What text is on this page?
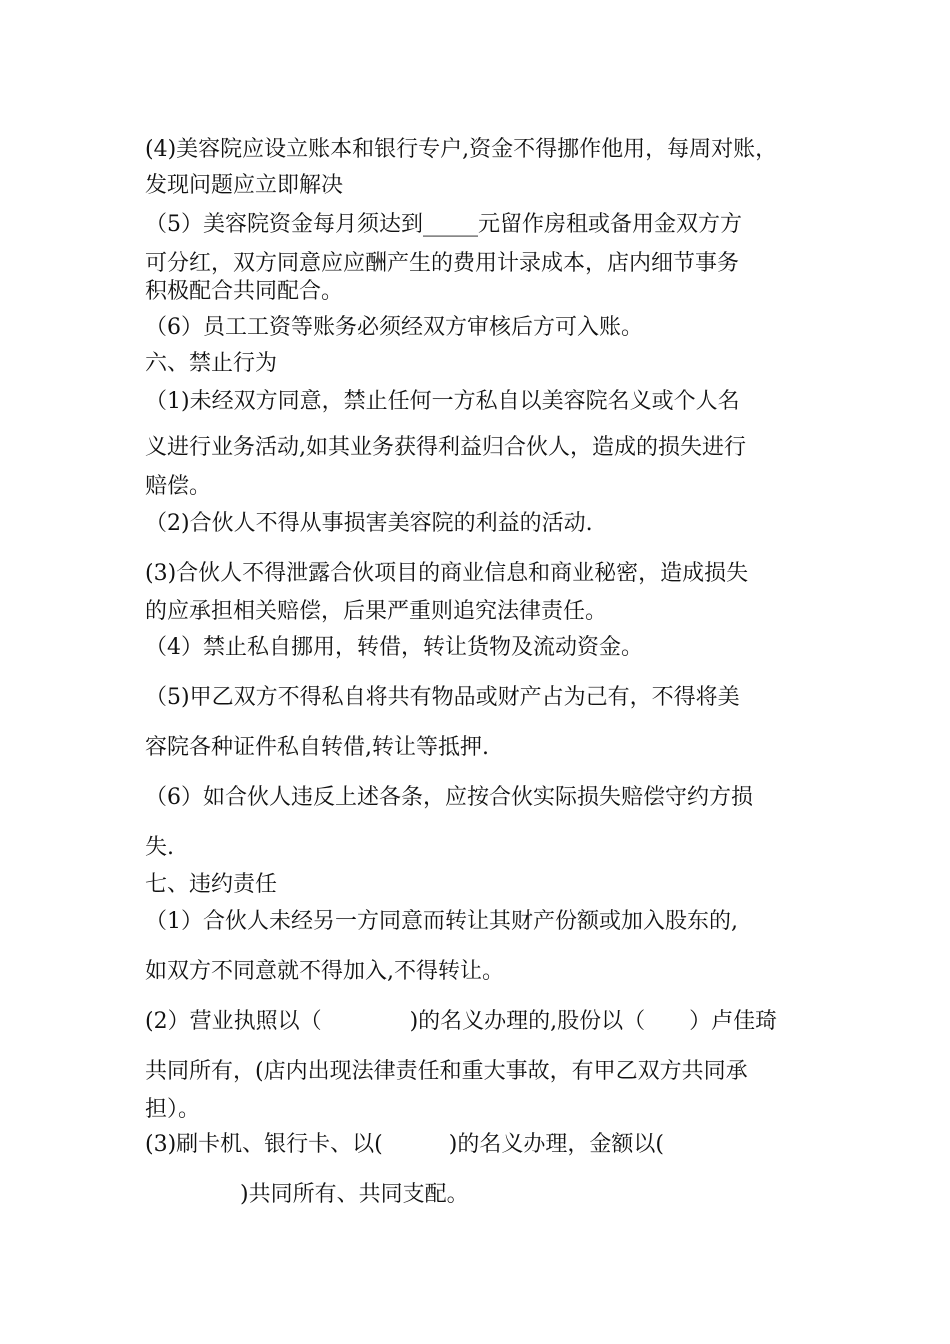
(4)美容院应设立账本和银行专户,资金不得挪作他用，每周对账，
发现问题应立即解决
（5）美容院资金每月须达到_____元留作房租或备用金双方方
可分红，双方同意应应酬产生的费用计录成本，店内细节事务
积极配合共同配合。
（6）员工工资等账务必须经双方审核后方可入账。
六、禁止行为
（1)未经双方同意，禁止任何一方私自以美容院名义或个人名
义进行业务活动,如其业务获得利益归合伙人，造成的损失进行
赔偿。
（2)合伙人不得从事损害美容院的利益的活动.
(3)合伙人不得泄露合伙项目的商业信息和商业秘密，造成损失
的应承担相关赔偿，后果严重则追究法律责任。
（4）禁止私自挪用，转借，转让货物及流动资金。
（5)甲乙双方不得私自将共有物品或财产占为己有，不得将美
容院各种证件私自转借,转让等抵押.
（6）如合伙人违反上述各条，应按合伙实际损失赔偿守约方损
失.
七、违约责任
（1）合伙人未经另一方同意而转让其财产份额或加入股东的,
如双方不同意就不得加入,不得转让。
(2）营业执照以（　　　　)的名义办理的,股份以（　　）卢佳琦
共同所有，(店内出现法律责任和重大事故，有甲乙双方共同承
担）。
(3)刷卡机、银行卡、以(　　　)的名义办理，金额以(
)共同所有、共同支配。
